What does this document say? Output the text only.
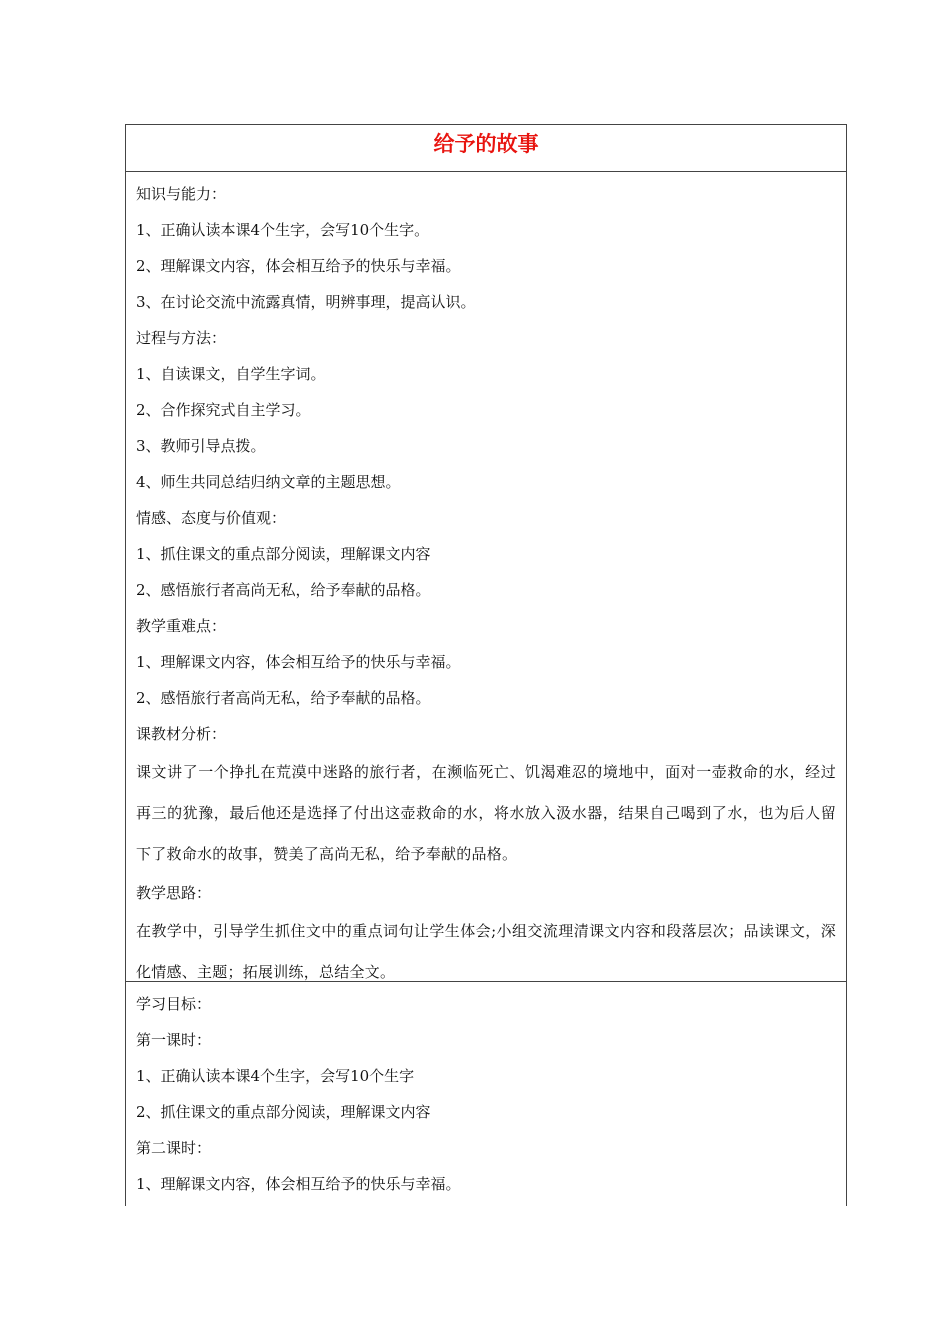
给予的故事
知识与能力：
1、正确认读本课4个生字，会写10个生字。
2、理解课文内容，体会相互给予的快乐与幸福。
3、在讨论交流中流露真情，明辨事理，提高认识。
过程与方法：
1、自读课文，自学生字词。
2、合作探究式自主学习。
3、教师引导点拨。
4、师生共同总结归纳文章的主题思想。
情感、态度与价值观：
1、抓住课文的重点部分阅读，理解课文内容
2、感悟旅行者高尚无私，给予奉献的品格。
教学重难点：
1、理解课文内容，体会相互给予的快乐与幸福。
2、感悟旅行者高尚无私，给予奉献的品格。
课教材分析：
课文讲了一个挣扎在荒漠中迷路的旅行者，在濒临死亡、饥渴难忍的境地中，面对一壶救命的水，经过再三的犹豫，最后他还是选择了付出这壶救命的水，将水放入汲水器，结果自己喝到了水，也为后人留下了救命水的故事，赞美了高尚无私，给予奉献的品格。
教学思路：
在教学中，引导学生抓住文中的重点词句让学生体会;小组交流理清课文内容和段落层次；品读课文，深化情感、主题；拓展训练，总结全文。
学习目标：
第一课时：
1、正确认读本课4个生字，会写10个生字
2、抓住课文的重点部分阅读，理解课文内容
第二课时：
1、理解课文内容，体会相互给予的快乐与幸福。
